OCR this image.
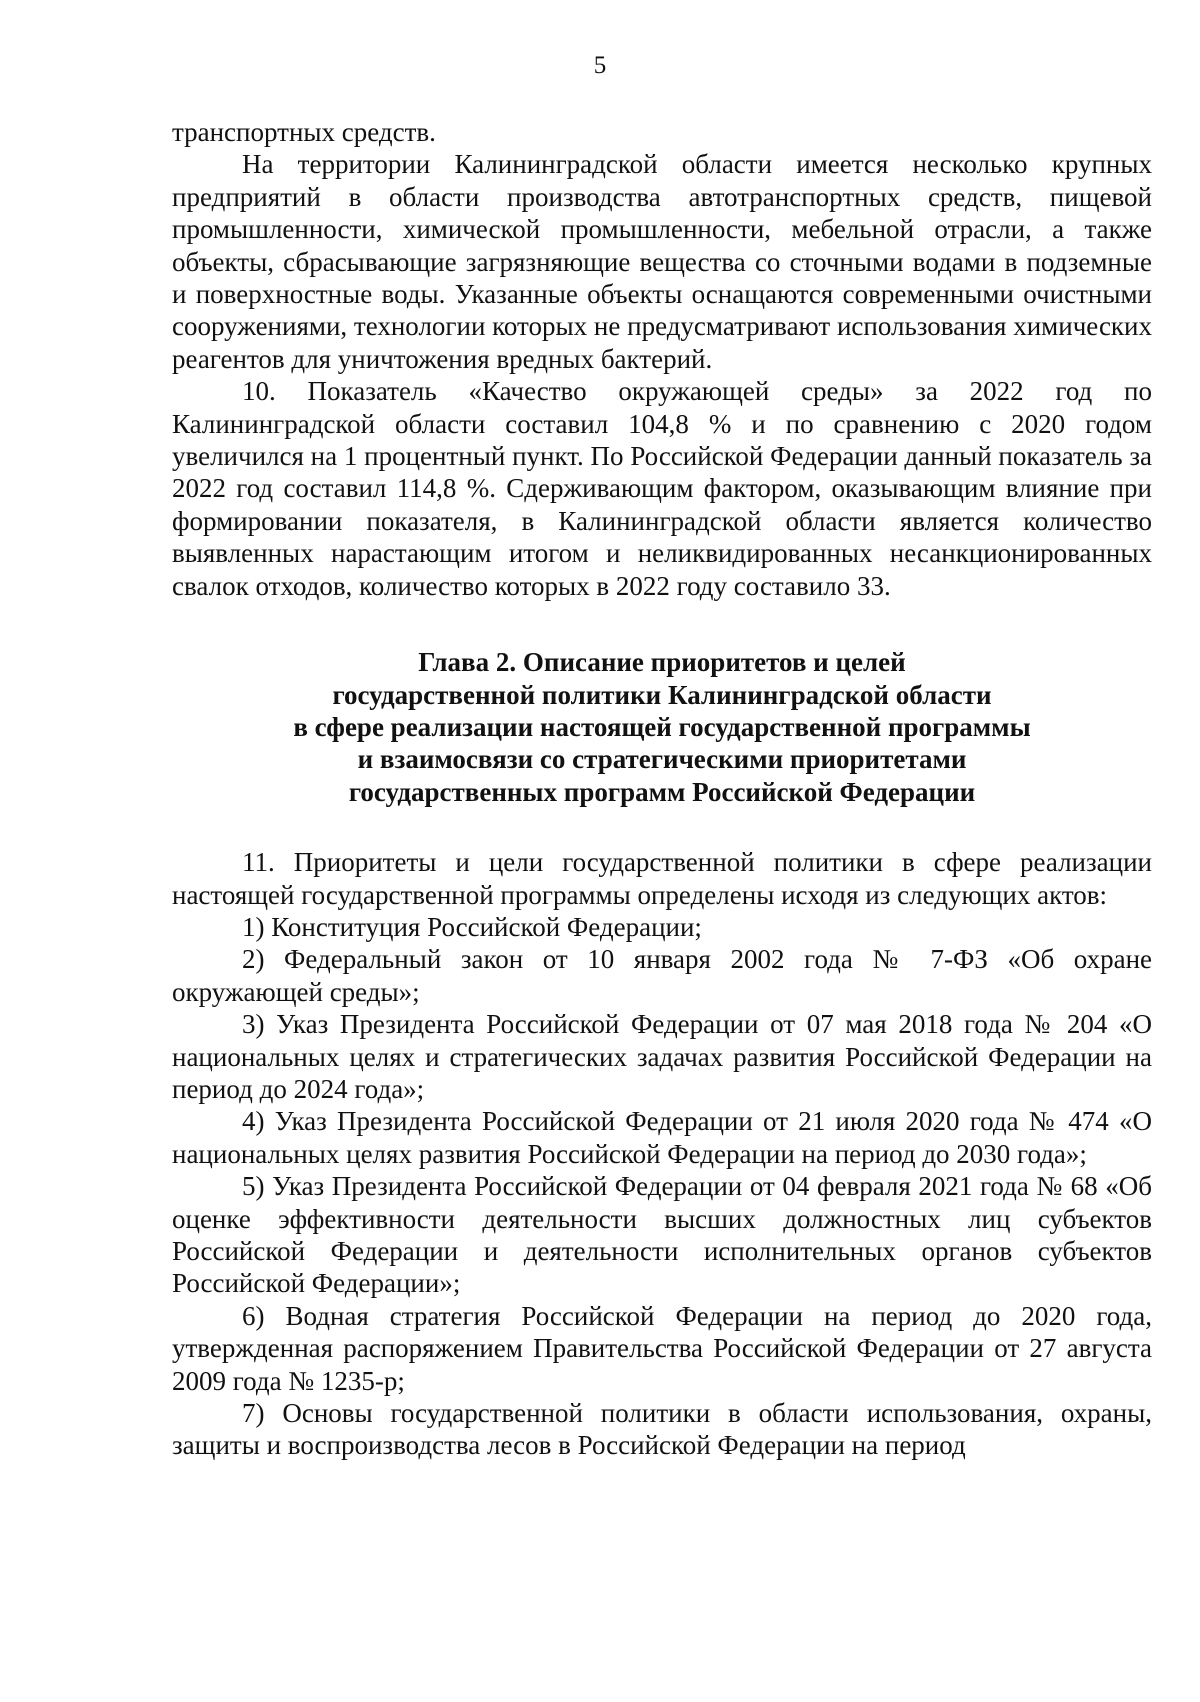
5

транспортных средств.

На территории Калининградской области имеется несколько крупных предприятий в области производства автотранспортных средств, пищевой промышленности, химической промышленности, мебельной отрасли, а также объекты, сбрасывающие загрязняющие вещества со сточными водами в подземные и поверхностные воды. Указанные объекты оснащаются современными очистными сооружениями, технологии которых не предусматривают использования химических реагентов для уничтожения вредных бактерий.

10. Показатель «Качество окружающей среды» за 2022 год по Калининградской области составил 104,8 % и по сравнению с 2020 годом увеличился на 1 процентный пункт. По Российской Федерации данный показатель за 2022 год составил 114,8 %. Сдерживающим фактором, оказывающим влияние при формировании показателя, в Калининградской области является количество выявленных нарастающим итогом и неликвидированных несанкционированных свалок отходов, количество которых в 2022 году составило 33.

Глава 2. Описание приоритетов и целей
государственной политики Калининградской области
в сфере реализации настоящей государственной программы
и взаимосвязи со стратегическими приоритетами
государственных программ Российской Федерации

11. Приоритеты и цели государственной политики в сфере реализации настоящей государственной программы определены исходя из следующих актов:

1) Конституция Российской Федерации;

2) Федеральный закон от 10 января 2002 года № 7-ФЗ «Об охране окружающей среды»;

3) Указ Президента Российской Федерации от 07 мая 2018 года № 204 «О национальных целях и стратегических задачах развития Российской Федерации на период до 2024 года»;

4) Указ Президента Российской Федерации от 21 июля 2020 года № 474 «О национальных целях развития Российской Федерации на период до 2030 года»;

5) Указ Президента Российской Федерации от 04 февраля 2021 года № 68 «Об оценке эффективности деятельности высших должностных лиц субъектов Российской Федерации и деятельности исполнительных органов субъектов Российской Федерации»;

6) Водная стратегия Российской Федерации на период до 2020 года, утвержденная распоряжением Правительства Российской Федерации от 27 августа 2009 года № 1235-р;

7) Основы государственной политики в области использования, охраны, защиты и воспроизводства лесов в Российской Федерации на период
